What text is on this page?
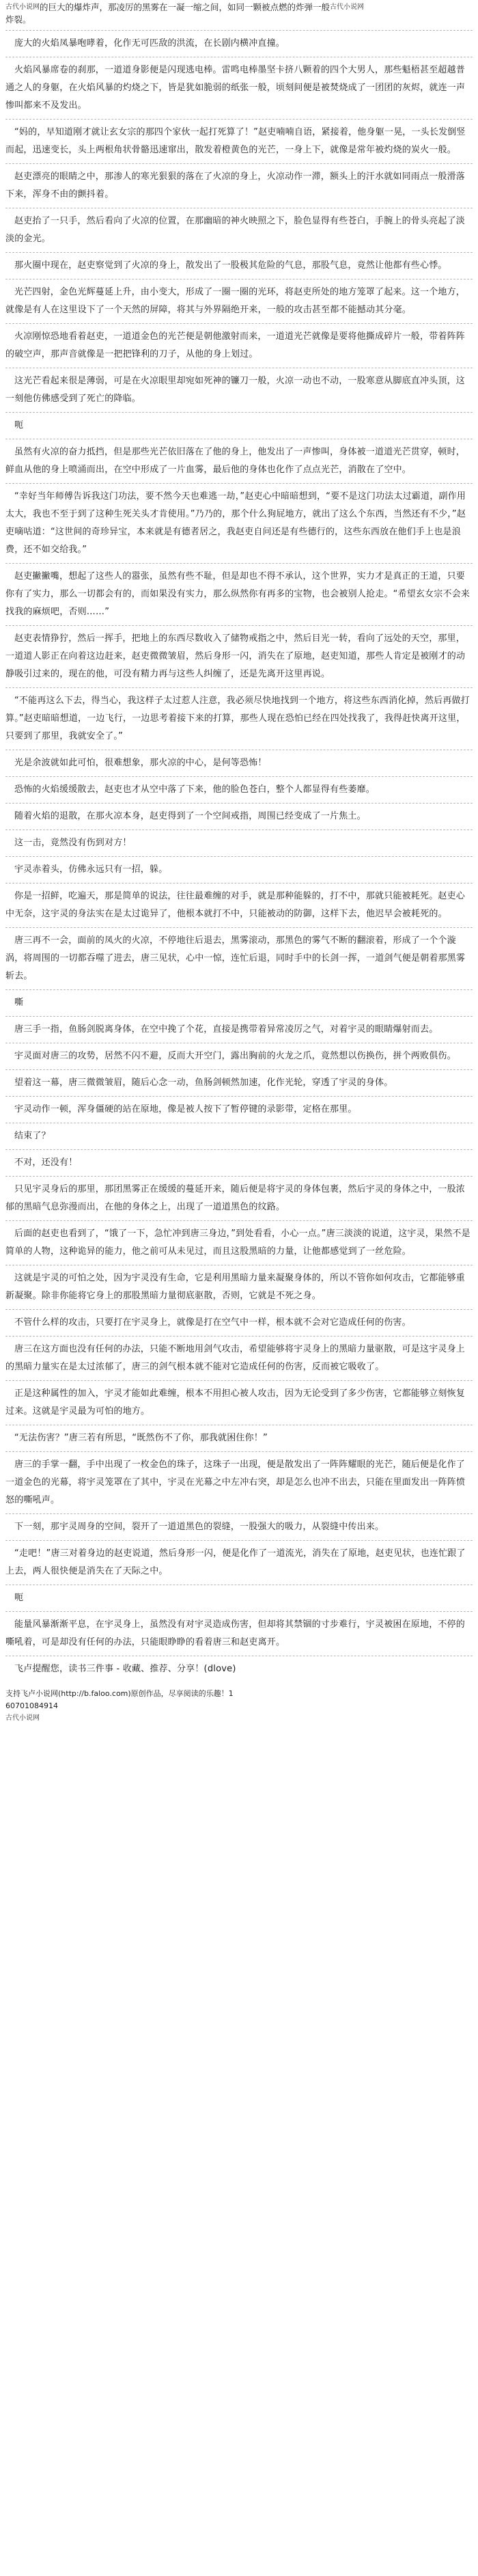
古代小说网 的巨大的爆炸声，那凌厉的黑雾在一凝一缩之间，如同一颗被点燃的炸弹一般 古代小说网
炸裂。

庞大的火焰凤暴咆哮着，化作无可匹敌的洪流，在长剧内横冲直撞。

火焰风暴席卷的刹那，一道道身影便是闪现逃电棒。雷鸣电棒墨坚卡挤八颗着的四个大男人，那些魁梧甚至超越普通之人的身躯，在火焰风暴的灼烧之下，皆是犹如脆弱的纸张一般，顷刻间便是被焚烧成了一团团的灰烬，就连一声惨叫都来不及发出。

“妈的，早知道刚才就让玄女宗的那四个家伙一起打死算了！”赵吏喃喃自语，紧接着，他身躯一晃，一头长发倒竖而起，迅速变长，头上两根角状骨骼迅速窜出，散发着橙黄色的光芒，一身上下，就像是常年被灼烧的炭火一般。

赵吏漂亮的眼睛之中，那渗人的寒光狠狠的落在了火凉的身上，火凉动作一滞，额头上的汗水就如同雨点一般滑落下来，浑身不由的颤抖着。

赵吏抬了一只手，然后看向了火凉的位置，在那幽暗的神火映照之下，脸色显得有些苍白，手腕上的骨头亮起了淡淡的金光。

那火圈中现在，赵吏察觉到了火凉的身上，散发出了一股极其危险的气息，那股气息，竟然让他都有些心悸。

光芒四射，金色光辉蔓延上升，由小变大，形成了一圈一圈的光环，将赵吏所处的地方笼罩了起来。这一个地方，就像是有人在这里设下了一个天然的屏障，将其与外界隔绝开来，一般的攻击甚至都不能撼动其分毫。

火凉刚惊恐地看着赵吏，一道道金色的光芒便是朝他激射而来，一道道光芒就像是要将他撕成碎片一般，带着阵阵的破空声，那声音就像是一把把锋利的刀子，从他的身上划过。

这光芒看起来很是薄弱，可是在火凉眼里却宛如死神的镰刀一般，火凉一动也不动，一股寒意从脚底直冲头顶，这一刻他仿佛感受到了死亡的降临。

呃

虽然有火凉的奋力抵挡，但是那些光芒依旧落在了他的身上，他发出了一声惨叫，身体被一道道光芒贯穿，顿时，鲜血从他的身上喷涌而出，在空中形成了一片血雾，最后他的身体也化作了点点光芒，消散在了空中。

“幸好当年师傅告诉我这门功法，要不然今天也难逃一劫，”赵吏心中暗暗想到，“要不是这门功法太过霸道，副作用太大，我也不至于到了这种生死关头才肯使用。”乃乃的，那个什么狗屁地方，就出了这么个东西，当然还有不少，”赵吏嘀咕道：“这世间的奇珍异宝，本来就是有德者居之，我赵吏自问还是有些德行的，这些东西放在他们手上也是浪费，还不如交给我。”

赵吏撇撇嘴，想起了这些人的嚣张，虽然有些不耻，但是却也不得不承认，这个世界，实力才是真正的王道，只要你有了实力，那么一切都会有的，而如果没有实力，那么纵然你有再多的宝物，也会被别人抢走。“希望玄女宗不会来找我的麻烦吧，否则……”

赵吏表情狰狞，然后一挥手，把地上的东西尽数收入了储物戒指之中，然后目光一转，看向了远处的天空，那里，一道道人影正在向着这边赶来，赵吏微微皱眉，然后身形一闪，消失在了原地，赵吏知道，那些人肯定是被刚才的动静吸引过来的，现在的他，可没有精力再与这些人纠缠了，还是先离开这里再说。

“不能再这么下去，得当心，我这样子太过惹人注意，我必须尽快地找到一个地方，将这些东西消化掉，然后再做打算。”赵吏暗暗想道，一边飞行，一边思考着接下来的打算，那些人现在恐怕已经在四处找我了，我得赶快离开这里，只要到了那里，我就安全了。”

光是余波就如此可怕，很难想象，那火凉的中心，是何等恐怖！

恐怖的火焰缓缓散去，赵吏也才从空中落了下来，他的脸色苍白，整个人都显得有些萎靡。

随着火焰的退散，在那火凉本身，赵吏得到了一个空间戒指，周围已经变成了一片焦土。

这一击，竟然没有伤到对方！

宇灵赤着头，仿佛永远只有一招，躲。

你是一招鲜，吃遍天，那是简单的说法，往往最难缠的对手，就是那种能躲的，打不中，那就只能被耗死。赵吏心中无奈，这宇灵的身法实在是太过诡异了，他根本就打不中，只能被动的防御，这样下去，他迟早会被耗死的。

唐三再不一会，面前的凤火的火凉，不停地往后退去，黑雾滚动，那黑色的雾气不断的翻滚着，形成了一个个漩涡，将周围的一切都吞噬了进去，唐三见状，心中一惊，连忙后退，同时手中的长剑一挥，一道剑气便是朝着那黑雾斩去。

嘶

唐三手一指，鱼肠剑脱离身体，在空中挽了个花，直接是携带着异常凌厉之气，对着宇灵的眼睛爆射而去。

宇灵面对唐三的攻势，居然不闪不避，反而大开空门，露出胸前的火龙之爪，竟然想以伤换伤，拼个两败俱伤。

望着这一幕，唐三微微皱眉，随后心念一动，鱼肠剑顿然加速，化作光轮，穿透了宇灵的身体。

宇灵动作一顿，浑身僵硬的站在原地，像是被人按下了暂停键的录影带，定格在那里。

结束了？

不对，还没有！

只见宇灵身后的那里，那团黑雾正在缓缓的蔓延开来，随后便是将宇灵的身体包裹，然后宇灵的身体之中，一股浓郁的黑暗气息弥漫而出，在他的身体之上，出现了一道道黑色的纹路。

后面的赵吏也看到了，“饿了一下，急忙冲到唐三身边，”到处看看，小心一点。”唐三淡淡的说道，这宇灵，果然不是简单的人物，这种诡异的能力，他之前可从未见过，而且这股黑暗的力量，让他都感觉到了一丝危险。

这就是宇灵的可怕之处，因为宇灵没有生命，它是利用黑暗力量来凝聚身体的，所以不管你如何攻击，它都能够重新凝聚。除非你能将它身上的那股黑暗力量彻底驱散，否则，它就是不死之身。

不管什么样的攻击，只要打在宇灵身上，就像是打在空气中一样，根本就不会对它造成任何的伤害。

唐三在这方面也没有任何的办法，只能不断地用剑气攻击，希望能够将宇灵身上的黑暗力量驱散，可是这宇灵身上的黑暗力量实在是太过浓郁了，唐三的剑气根本就不能对它造成任何的伤害，反而被它吸收了。

正是这种属性的加入，宇灵才能如此难缠，根本不用担心被人攻击，因为无论受到了多少伤害，它都能够立刻恢复过来。这就是宇灵最为可怕的地方。

“无法伤害？”唐三若有所思，“既然伤不了你，那我就困住你！”

唐三的手掌一翻，手中出现了一枚金色的珠子，这珠子一出现，便是散发出了一阵阵耀眼的光芒，随后便是化作了一道金色的光幕，将宇灵笼罩在了其中，宇灵在光幕之中左冲右突，却是怎么也冲不出去，只能在里面发出一阵阵愤怒的嘶吼声。

下一刻，那宇灵周身的空间，裂开了一道道黑色的裂缝，一股强大的吸力，从裂缝中传出来。

“走吧！”唐三对着身边的赵吏说道，然后身形一闪，便是化作了一道流光，消失在了原地，赵吏见状，也连忙跟了上去，两人很快便是消失在了天际之中。

呃

能量风暴渐渐平息，在宇灵身上，虽然没有对宇灵造成伤害，但却将其禁锢的寸步难行，宇灵被困在原地，不停的嘶吼着，可是却没有任何的办法，只能眼睁睁的看着唐三和赵吏离开。

飞卢提醒您，读书三件事 - 收藏、推荐、分享！(dlove)

支持飞卢小说网(http://b.faloo.com)原创作品，尽享阅读的乐趣！1
60701084914
古代小说网
